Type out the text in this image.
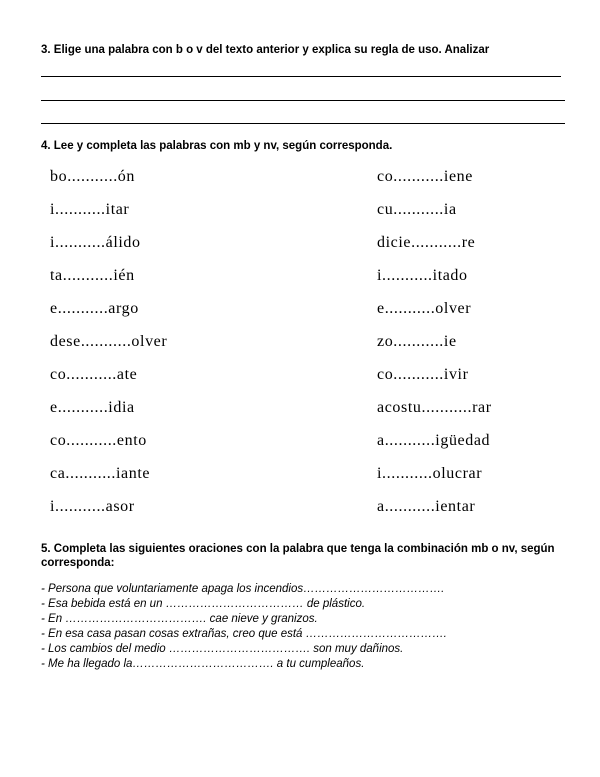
3. Elige una palabra con b o v del texto anterior y explica su regla de uso. Analizar
4. Lee y completa las palabras con mb y nv, según corresponda.
bo...........ón
i...........itar
i...........álido
ta...........ién
e...........argo
dese...........olver
co...........ate
e...........idia
co...........ento
ca...........iante
i...........asor
co...........iene
cu...........ia
dicie...........re
i...........itado
e...........olver
zo...........ie
co...........ivir
acostu...........rar
a...........igüedad
i...........olucrar
a...........ientar
5. Completa las siguientes oraciones con la palabra que tenga la combinación mb o nv, según corresponda:
- Persona que voluntariamente apaga los incendios……………………………….
- Esa bebida está en un ……………………………… de plástico.
- En ………………………………. cae nieve y granizos.
- En esa casa pasan cosas extrañas, creo que está ……………………………….
- Los cambios del medio ………………………………. son muy dañinos.
- Me ha llegado la………………………………. a tu cumpleaños.
